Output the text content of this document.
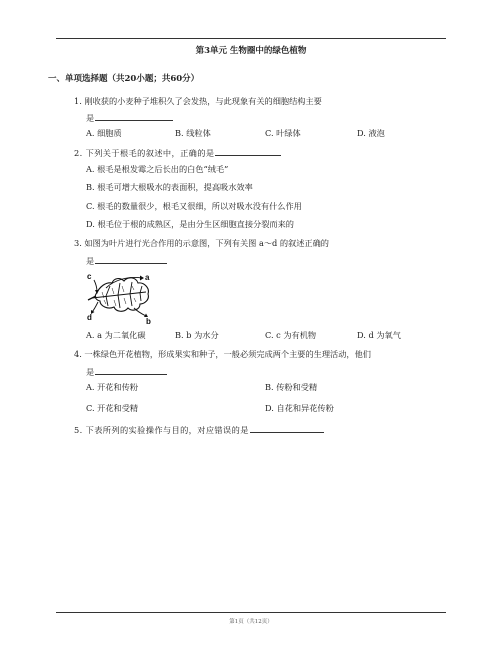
第3单元 生物圈中的绿色植物
一、单项选择题（共20小题；共60分）
1. 刚收获的小麦种子堆积久了会发热，与此现象有关的细胞结构主要
是
A. 细胞质	B. 线粒体	C. 叶绿体	D. 液泡
2. 下列关于根毛的叙述中，正确的是
A. 根毛是根发霉之后长出的白色“绒毛”
B. 根毛可增大根吸水的表面积，提高吸水效率
C. 根毛的数量很少，根毛又很细，所以对吸水没有什么作用
D. 根毛位于根的成熟区，是由分生区细胞直接分裂而来的
3. 如图为叶片进行光合作用的示意图，下列有关图 a～d 的叙述正确的
是
c	a
d	b
A. a 为二氧化碳	B. b 为水分	C. c 为有机物	D. d 为氧气
4. 一株绿色开花植物，形成果实和种子，一般必须完成两个主要的生理活动，他们
是
A. 开花和传粉	B. 传粉和受精
C. 开花和受精	D. 自花和异花传粉
5. 下表所列的实验操作与目的，对应错误的是
第1页（共12页）
